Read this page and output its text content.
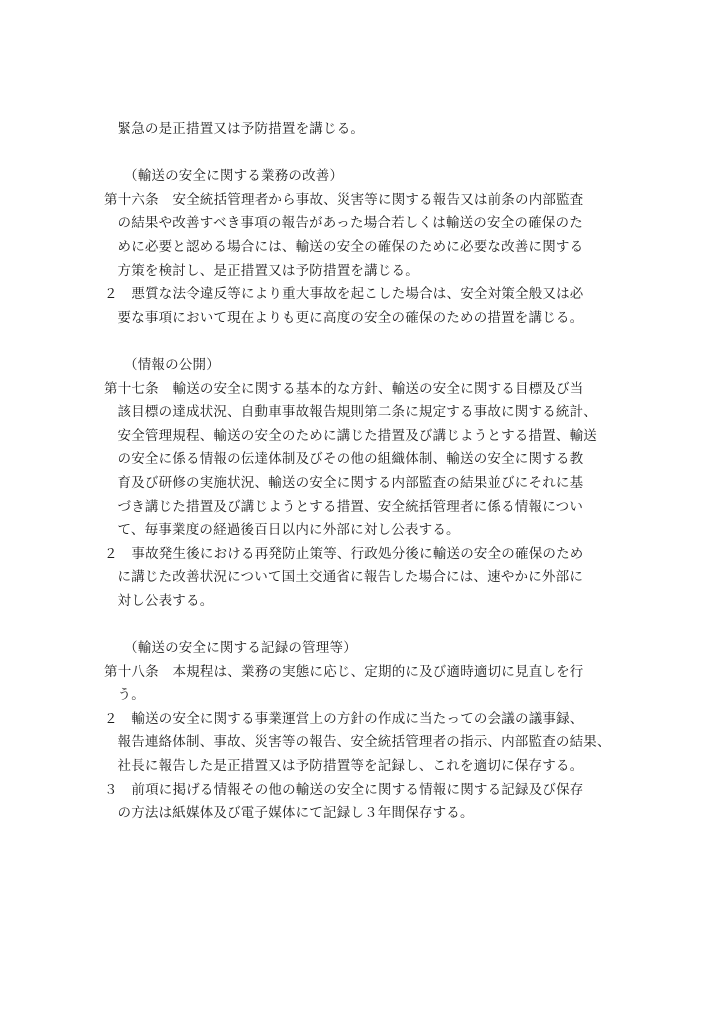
緊急の是正措置又は予防措置を講じる。
（輸送の安全に関する業務の改善）
第十六条　安全統括管理者から事故、災害等に関する報告又は前条の内部監査
の結果や改善すべき事項の報告があった場合若しくは輸送の安全の確保のた
めに必要と認める場合には、輸送の安全の確保のために必要な改善に関する
方策を検討し、是正措置又は予防措置を講じる。
２　悪質な法令違反等により重大事故を起こした場合は、安全対策全般又は必
要な事項において現在よりも更に高度の安全の確保のための措置を講じる。
（情報の公開）
第十七条　輸送の安全に関する基本的な方針、輸送の安全に関する目標及び当
該目標の達成状況、自動車事故報告規則第二条に規定する事故に関する統計、
安全管理規程、輸送の安全のために講じた措置及び講じようとする措置、輸送
の安全に係る情報の伝達体制及びその他の組織体制、輸送の安全に関する教
育及び研修の実施状況、輸送の安全に関する内部監査の結果並びにそれに基
づき講じた措置及び講じようとする措置、安全統括管理者に係る情報につい
て、毎事業度の経過後百日以内に外部に対し公表する。
２　事故発生後における再発防止策等、行政処分後に輸送の安全の確保のため
に講じた改善状況について国土交通省に報告した場合には、速やかに外部に
対し公表する。
（輸送の安全に関する記録の管理等）
第十八条　本規程は、業務の実態に応じ、定期的に及び適時適切に見直しを行
う。
２　輸送の安全に関する事業運営上の方針の作成に当たっての会議の議事録、
報告連絡体制、事故、災害等の報告、安全統括管理者の指示、内部監査の結果、
社長に報告した是正措置又は予防措置等を記録し、これを適切に保存する。
３　前項に掲げる情報その他の輸送の安全に関する情報に関する記録及び保存
の方法は紙媒体及び電子媒体にて記録し３年間保存する。
